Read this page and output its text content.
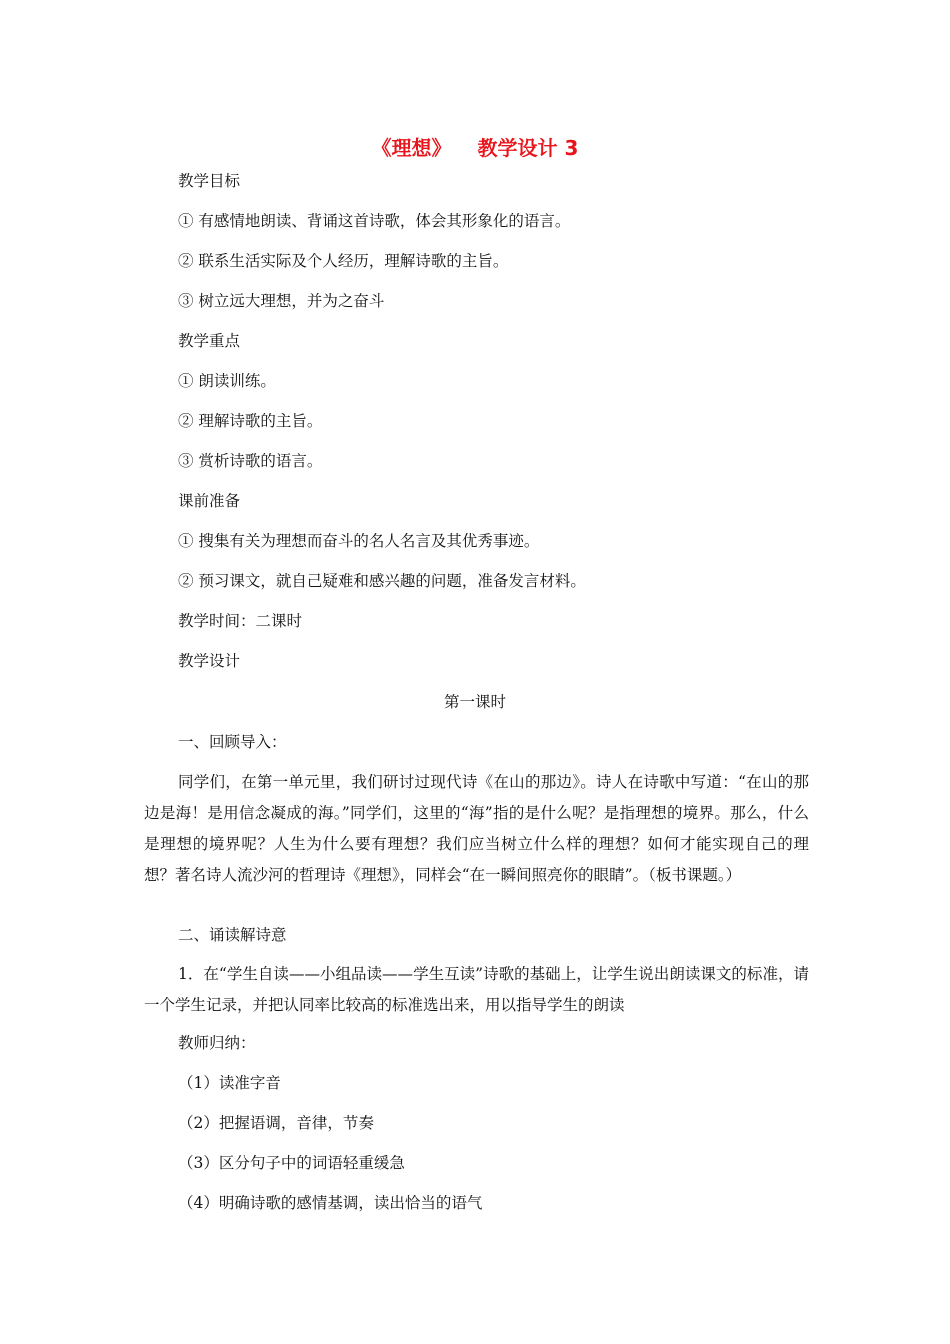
《理想》 教学设计 3
教学目标
① 有感情地朗读、背诵这首诗歌，体会其形象化的语言。
② 联系生活实际及个人经历，理解诗歌的主旨。
③ 树立远大理想，并为之奋斗
教学重点
① 朗读训练。
② 理解诗歌的主旨。
③ 赏析诗歌的语言。
课前准备
① 搜集有关为理想而奋斗的名人名言及其优秀事迹。
② 预习课文，就自己疑难和感兴趣的问题，准备发言材料。
教学时间：二课时
教学设计
第一课时
一、回顾导入：
同学们，在第一单元里，我们研讨过现代诗《在山的那边》。诗人在诗歌中写道：“在山的那边是海！是用信念凝成的海。”同学们，这里的“海”指的是什么呢？是指理想的境界。那么，什么是理想的境界呢？人生为什么要有理想？我们应当树立什么样的理想？如何才能实现自己的理想？著名诗人流沙河的哲理诗《理想》，同样会“在一瞬间照亮你的眼睛”。（板书课题。）
二、诵读解诗意
1．在“学生自读——小组品读——学生互读”诗歌的基础上，让学生说出朗读课文的标准，请一个学生记录，并把认同率比较高的标准选出来，用以指导学生的朗读
教师归纳：
（1）读准字音
（2）把握语调，音律，节奏
（3）区分句子中的词语轻重缓急
（4）明确诗歌的感情基调，读出恰当的语气
